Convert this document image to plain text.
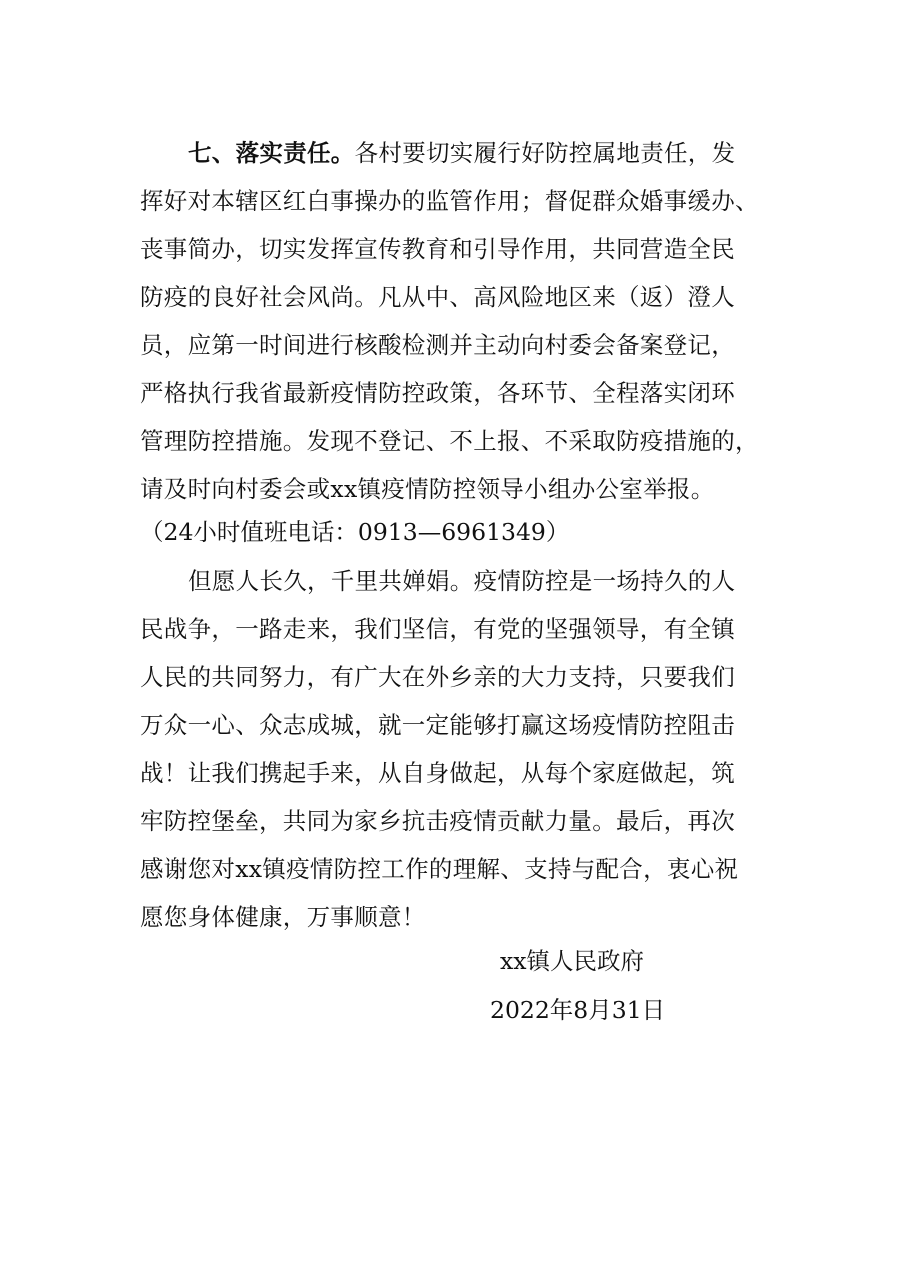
七、落实责任。各村要切实履行好防控属地责任，发
挥好对本辖区红白事操办的监管作用；督促群众婚事缓办、
丧事简办，切实发挥宣传教育和引导作用，共同营造全民
防疫的良好社会风尚。凡从中、高风险地区来（返）澄人
员，应第一时间进行核酸检测并主动向村委会备案登记，
严格执行我省最新疫情防控政策，各环节、全程落实闭环
管理防控措施。发现不登记、不上报、不采取防疫措施的，
请及时向村委会或xx镇疫情防控领导小组办公室举报。
（24小时值班电话：0913—6961349）
但愿人长久，千里共婵娟。疫情防控是一场持久的人
民战争，一路走来，我们坚信，有党的坚强领导，有全镇
人民的共同努力，有广大在外乡亲的大力支持，只要我们
万众一心、众志成城，就一定能够打赢这场疫情防控阻击
战！让我们携起手来，从自身做起，从每个家庭做起，筑
牢防控堡垒，共同为家乡抗击疫情贡献力量。最后，再次
感谢您对xx镇疫情防控工作的理解、支持与配合，衷心祝
愿您身体健康，万事顺意！
xx镇人民政府
2022年8月31日
